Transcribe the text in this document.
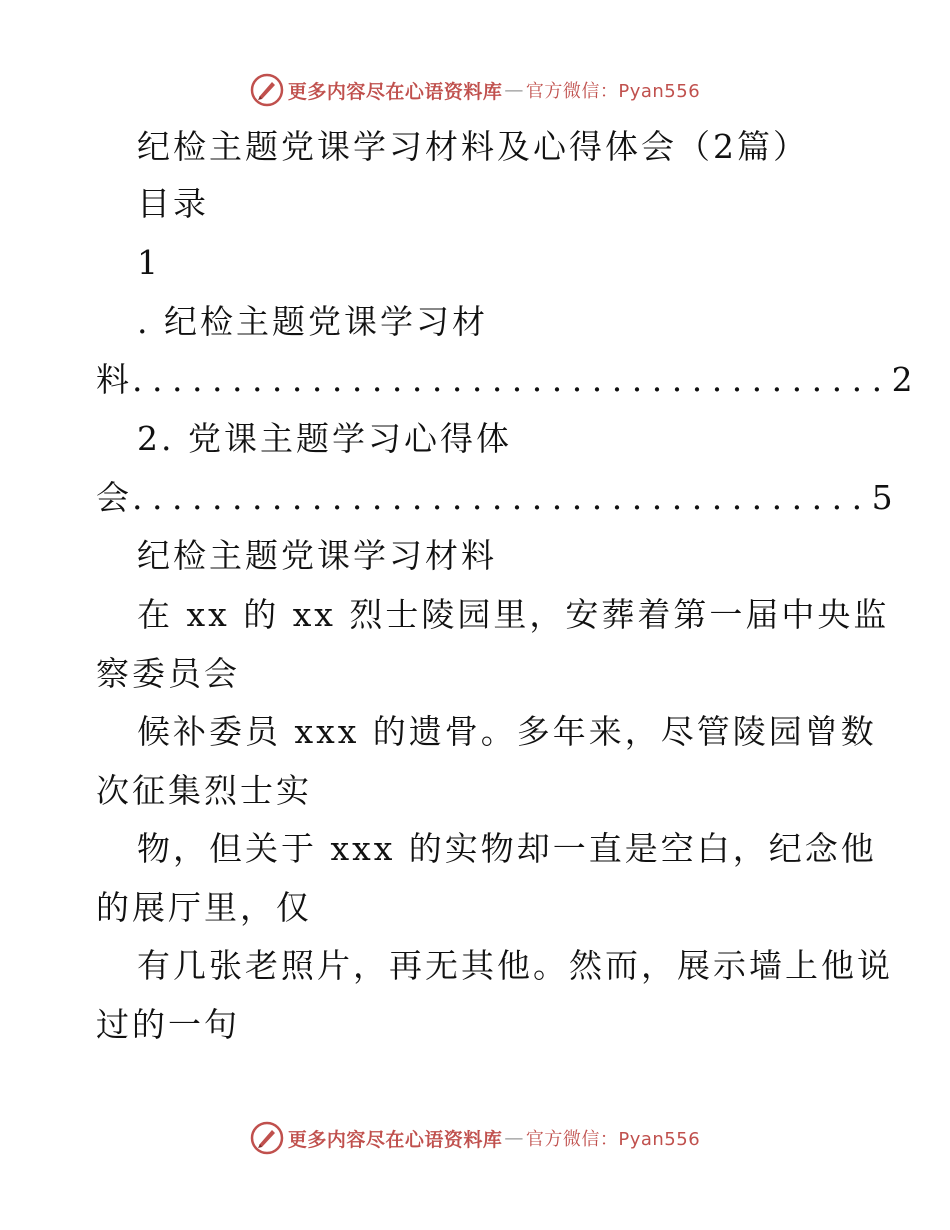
更多内容尽在心语资料库 — 官方微信：Pyan556
纪检主题党课学习材料及心得体会（2篇）
目录
1
. 纪检主题党课学习材
料 ...................................... 2
2. 党课主题学习心得体
会 ..................................... 5
纪检主题党课学习材料
在 xx 的 xx 烈士陵园里，安葬着第一届中央监
察委员会
候补委员 xxx 的遗骨。多年来，尽管陵园曾数
次征集烈士实
物，但关于 xxx 的实物却一直是空白，纪念他
的展厅里，仅
有几张老照片，再无其他。然而，展示墙上他说
过的一句
更多内容尽在心语资料库 — 官方微信：Pyan556
